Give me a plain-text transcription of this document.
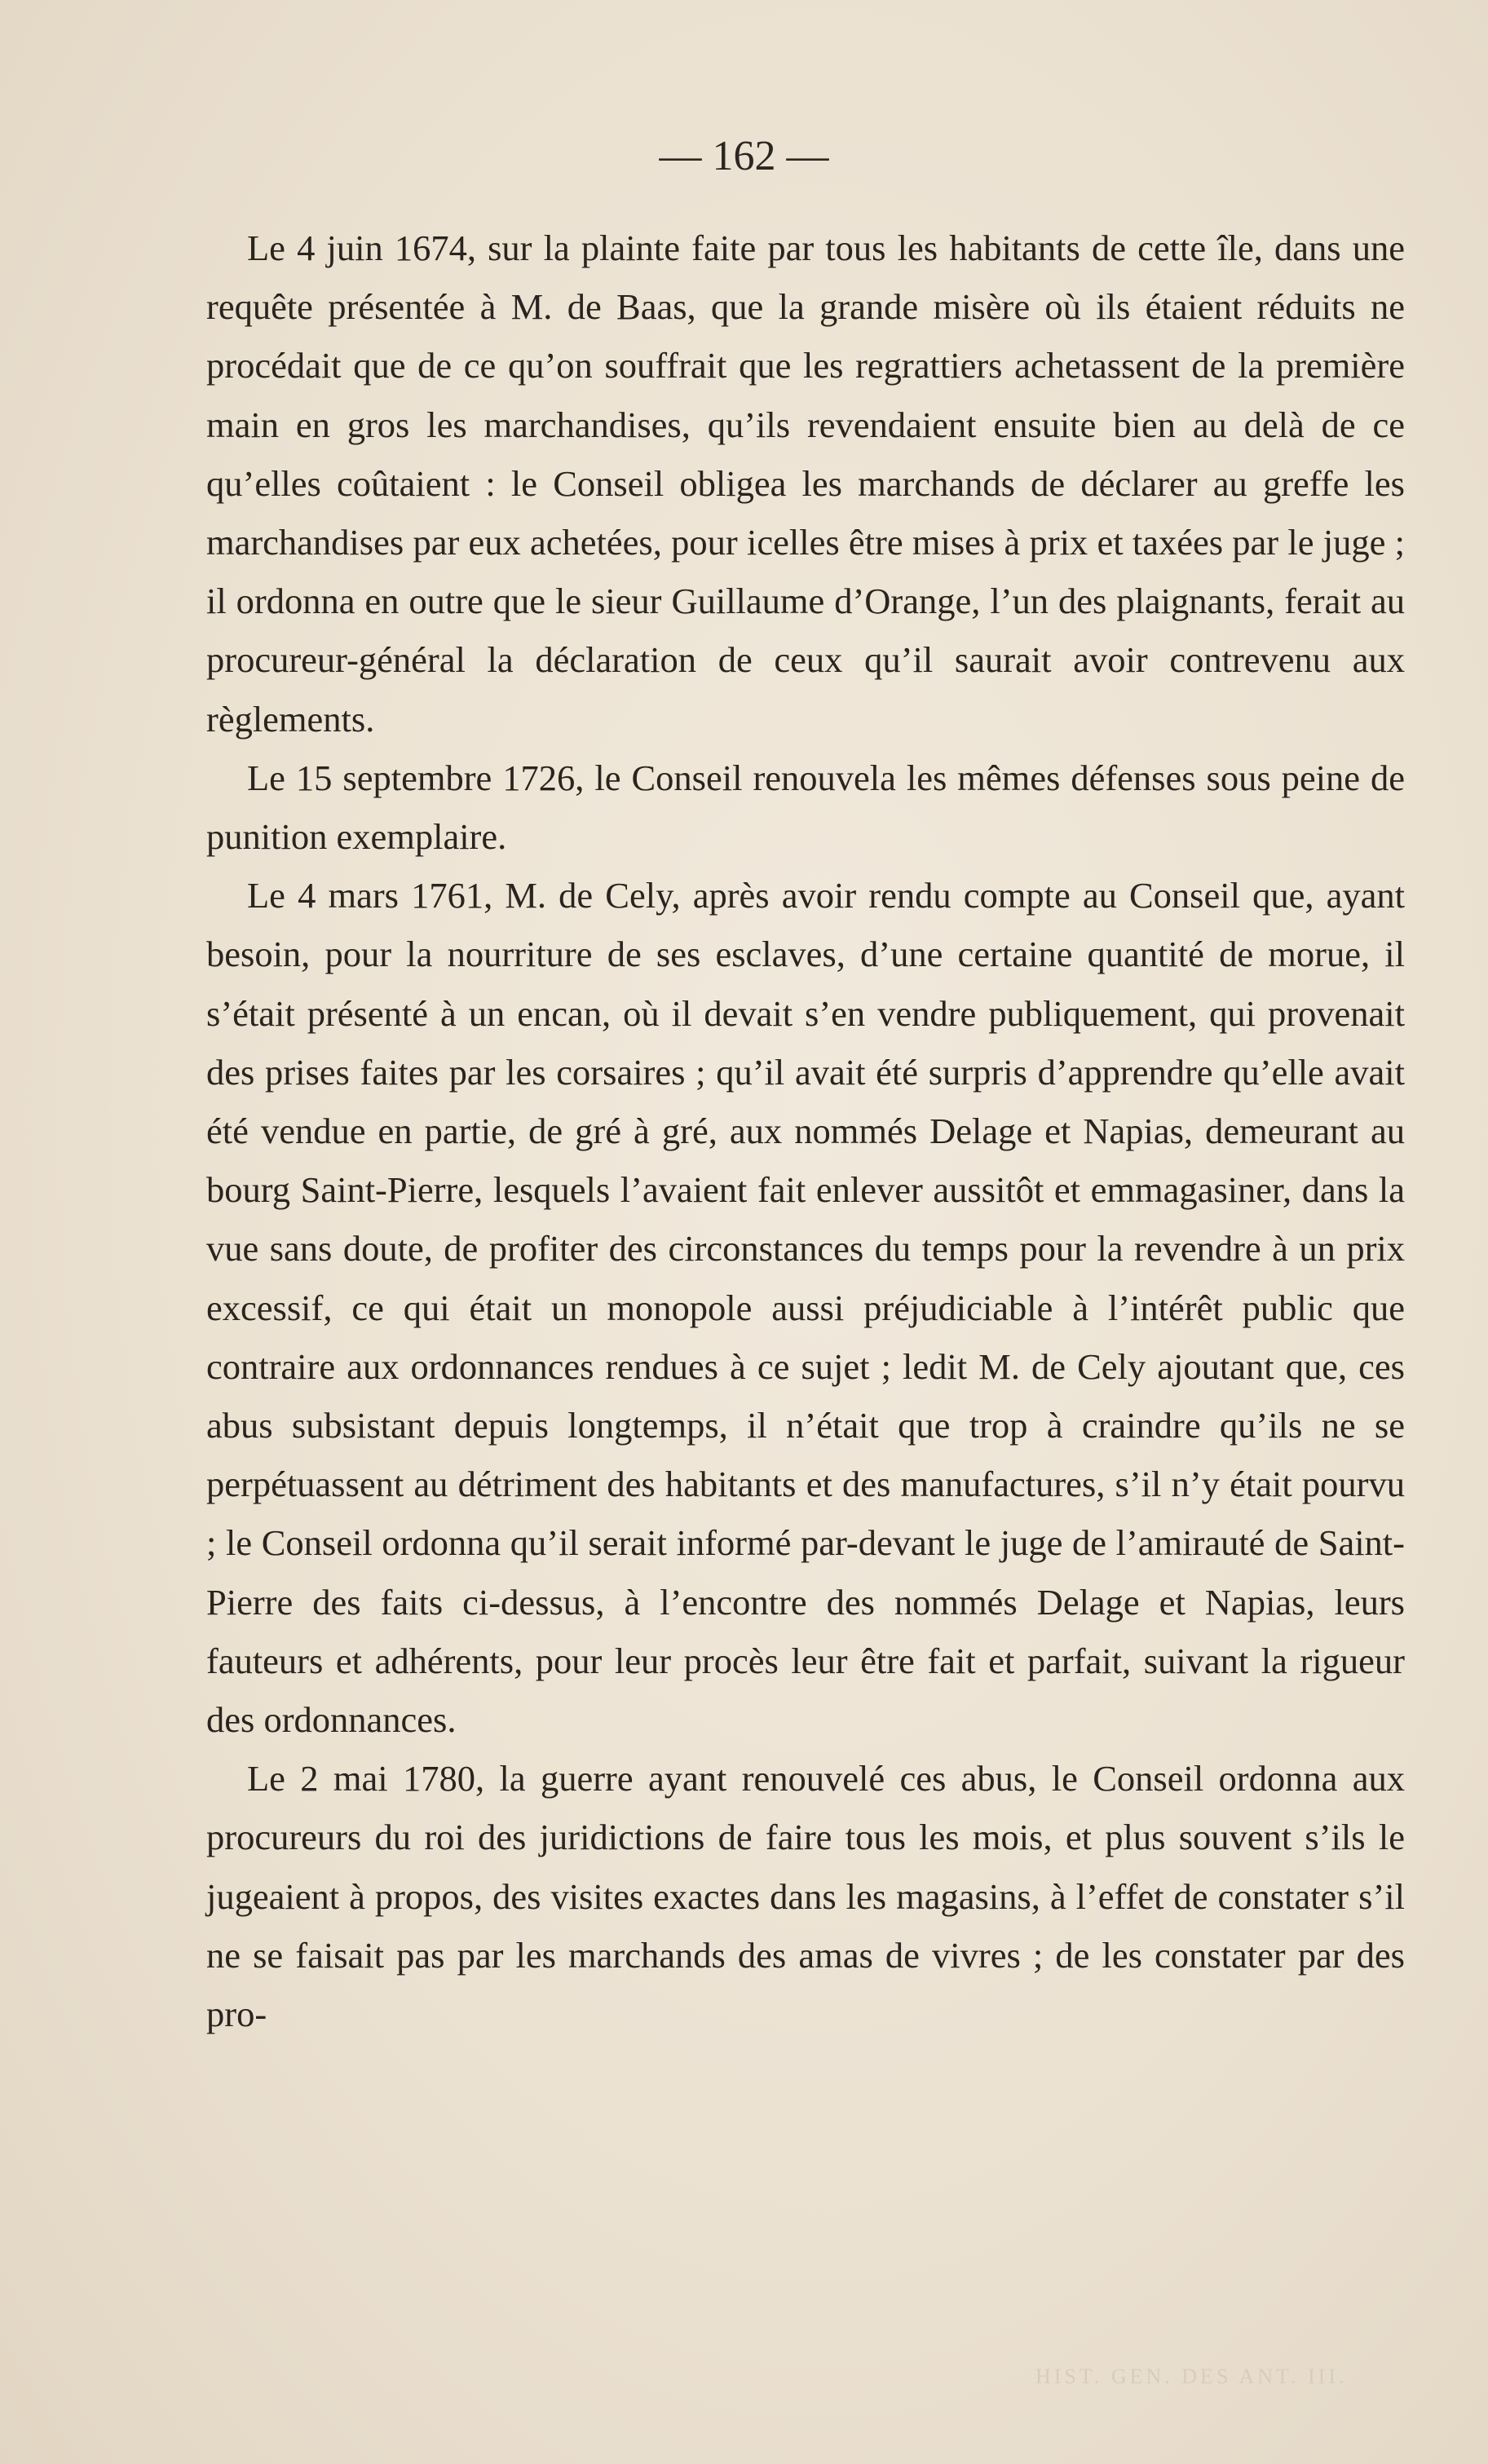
— 162 —

Le 4 juin 1674, sur la plainte faite par tous les habitants de cette île, dans une requête présentée à M. de Baas, que la grande misère où ils étaient réduits ne procédait que de ce qu’on souffrait que les regrattiers achetassent de la première main en gros les marchandises, qu’ils revendaient ensuite bien au delà de ce qu’elles coûtaient : le Conseil obligea les marchands de déclarer au greffe les marchandises par eux achetées, pour icelles être mises à prix et taxées par le juge ; il ordonna en outre que le sieur Guillaume d’Orange, l’un des plaignants, ferait au procureur-général la déclaration de ceux qu’il saurait avoir contrevenu aux règlements.

Le 15 septembre 1726, le Conseil renouvela les mêmes défenses sous peine de punition exemplaire.

Le 4 mars 1761, M. de Cely, après avoir rendu compte au Conseil que, ayant besoin, pour la nourriture de ses esclaves, d’une certaine quantité de morue, il s’était présenté à un encan, où il devait s’en vendre publiquement, qui provenait des prises faites par les corsaires ; qu’il avait été surpris d’apprendre qu’elle avait été vendue en partie, de gré à gré, aux nommés Delage et Napias, demeurant au bourg Saint-Pierre, lesquels l’avaient fait enlever aussitôt et emmagasiner, dans la vue sans doute, de profiter des circonstances du temps pour la revendre à un prix excessif, ce qui était un monopole aussi préjudiciable à l’intérêt public que contraire aux ordonnances rendues à ce sujet ; ledit M. de Cely ajoutant que, ces abus subsistant depuis longtemps, il n’était que trop à craindre qu’ils ne se perpétuassent au détriment des habitants et des manufactures, s’il n’y était pourvu ; le Conseil ordonna qu’il serait informé par-devant le juge de l’amirauté de Saint-Pierre des faits ci-dessus, à l’encontre des nommés Delage et Napias, leurs fauteurs et adhérents, pour leur procès leur être fait et parfait, suivant la rigueur des ordonnances.

Le 2 mai 1780, la guerre ayant renouvelé ces abus, le Conseil ordonna aux procureurs du roi des juridictions de faire tous les mois, et plus souvent s’ils le jugeaient à propos, des visites exactes dans les magasins, à l’effet de constater s’il ne se faisait pas par les marchands des amas de vivres ; de les constater par des pro-

HIST. GEN. DES ANT. III.
